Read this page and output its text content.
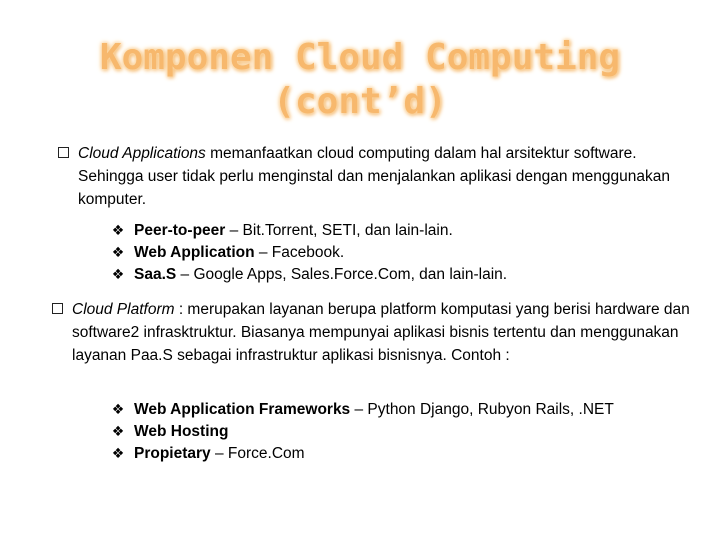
Komponen Cloud Computing
(cont’d)
Cloud Applications memanfaatkan cloud computing dalam hal arsitektur software. Sehingga user tidak perlu menginstal dan menjalankan aplikasi dengan menggunakan komputer.
❖ Peer-to-peer – Bit.Torrent, SETI, dan lain-lain.
❖ Web Application – Facebook.
❖ Saa.S – Google Apps, Sales.Force.Com, dan lain-lain.
Cloud Platform : merupakan layanan berupa platform komputasi yang berisi hardware dan software2 infrasktruktur. Biasanya mempunyai aplikasi bisnis tertentu dan menggunakan layanan Paa.S sebagai infrastruktur aplikasi bisnisnya. Contoh :
❖ Web Application Frameworks – Python Django, Rubyon Rails, .NET
❖ Web Hosting
❖ Propietary – Force.Com
